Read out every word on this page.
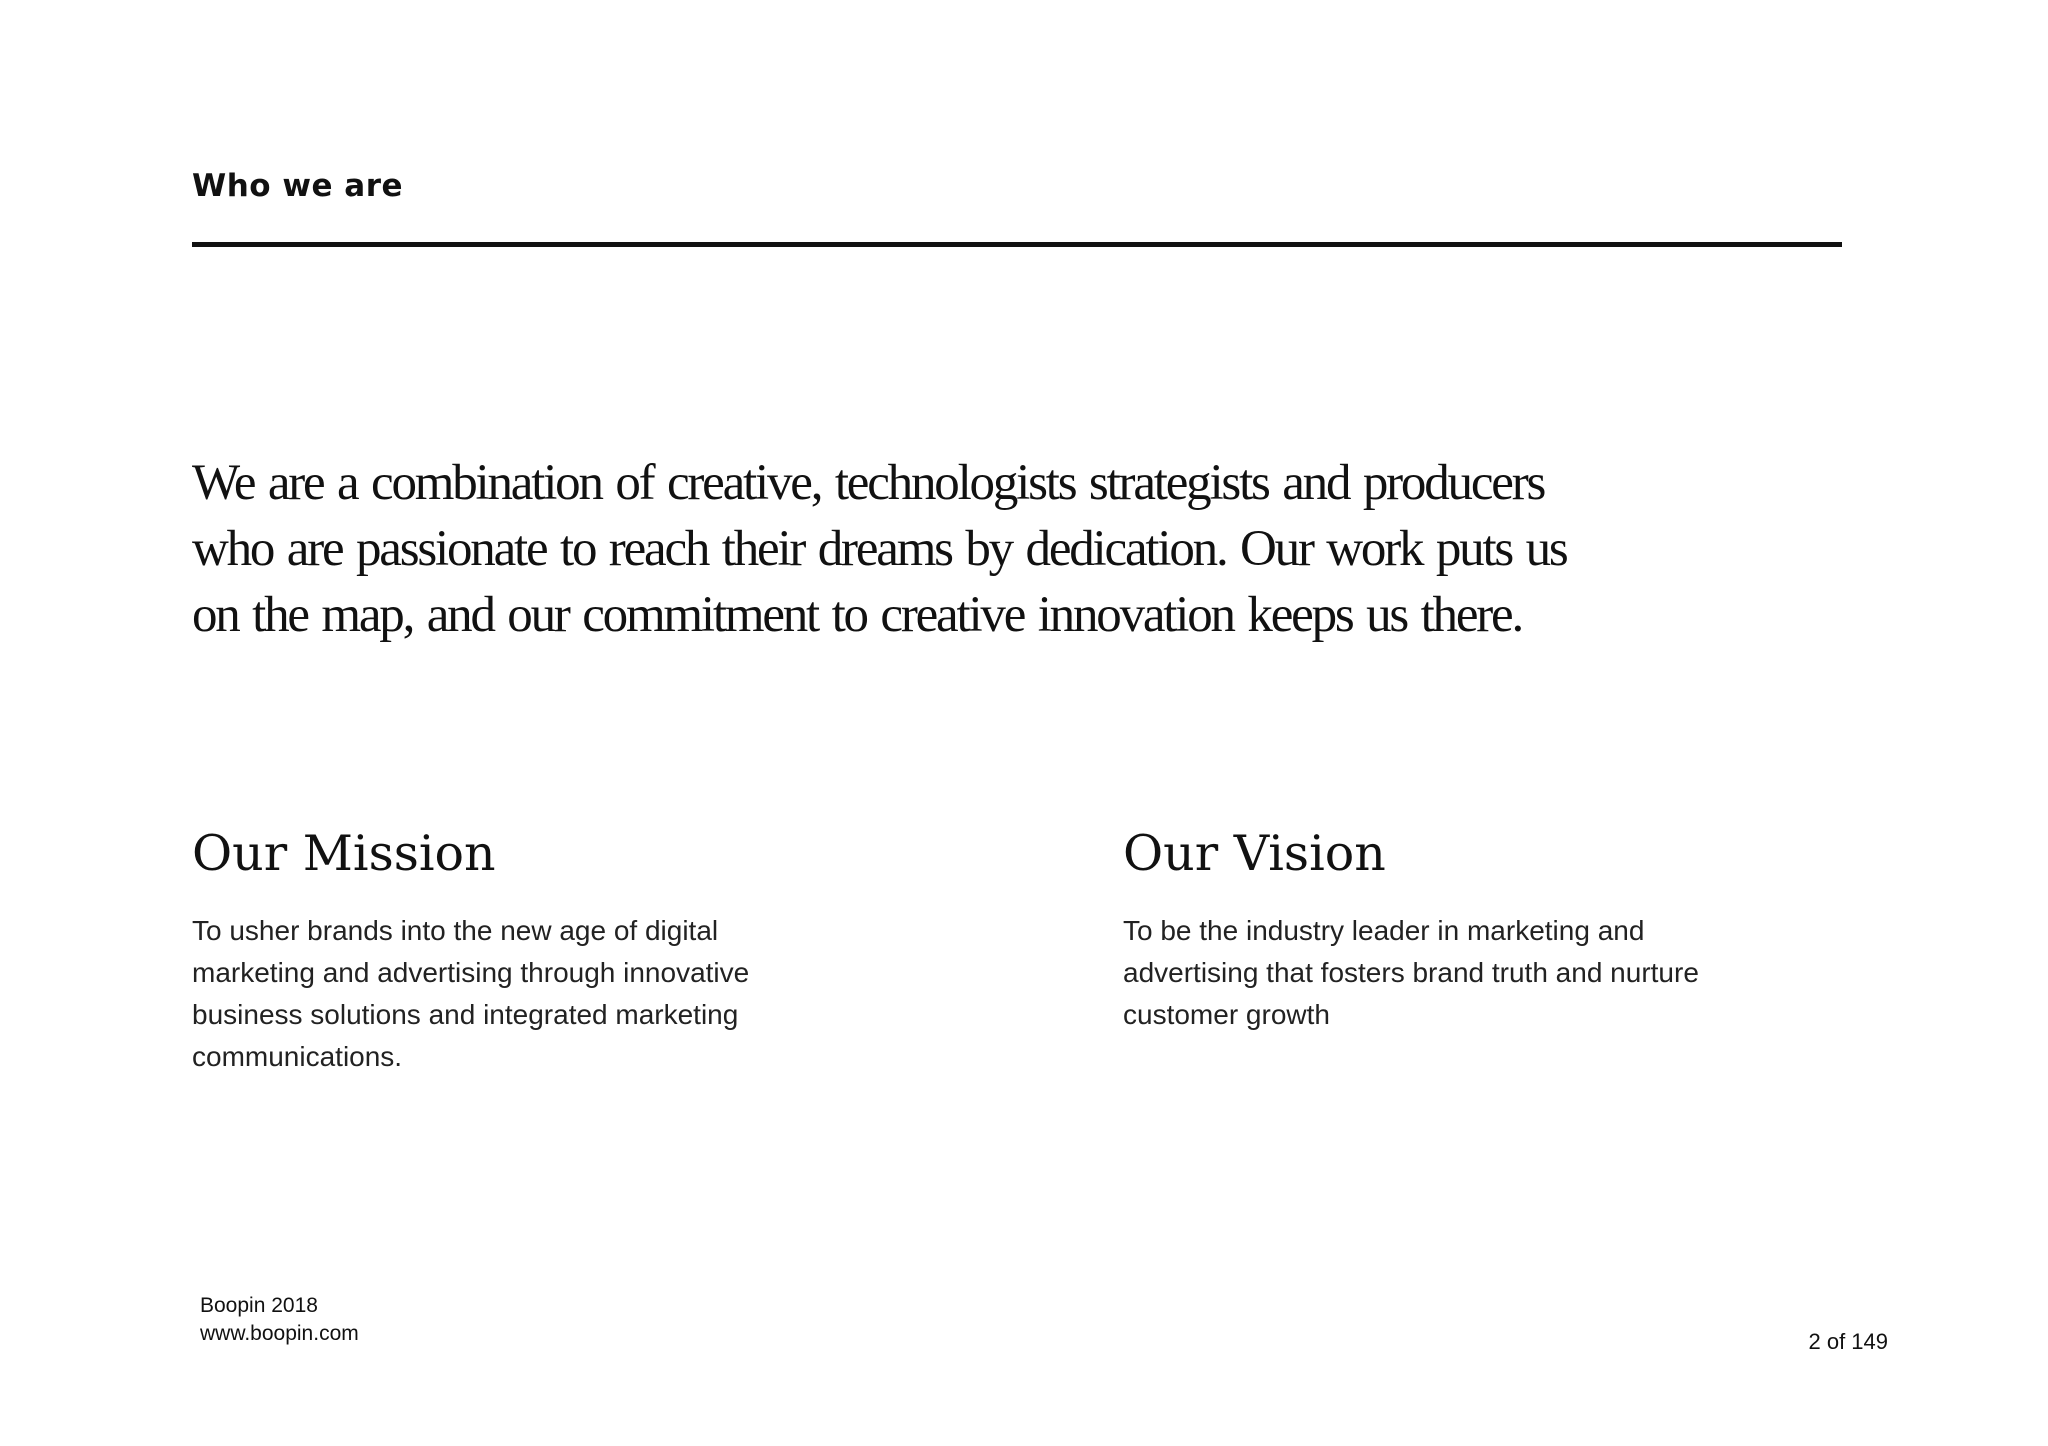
Who we are

We are a combination of creative, technologists strategists and producers who are passionate to reach their dreams by dedication. Our work puts us on the map, and our commitment to creative innovation keeps us there.

Our Mission

To usher brands into the new age of digital marketing and advertising through innovative business solutions and integrated marketing communications.

Our Vision

To be the industry leader in marketing and advertising that fosters brand truth and nurture customer growth

Boopin 2018
www.boopin.com	2 of 149
